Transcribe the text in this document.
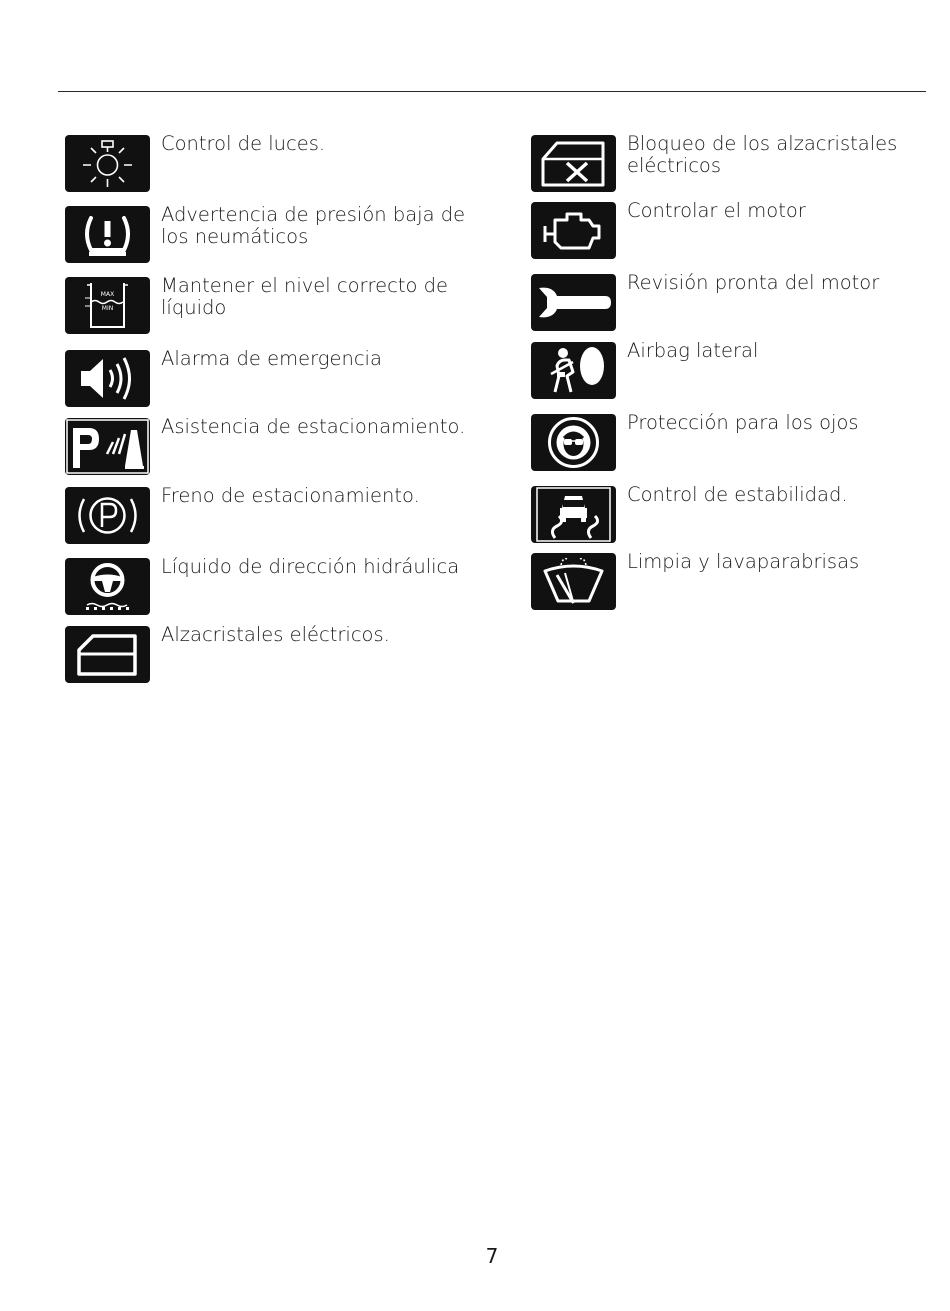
Control de luces.
Advertencia de presión baja de los neumáticos
MAX
MIN
Mantener el nivel correcto de líquido
Alarma de emergencia
Asistencia de estacionamiento.
Freno de estacionamiento.
Líquido de dirección hidráulica
Alzacristales eléctricos.
Bloqueo de los alzacristales eléctricos
Controlar el motor
Revisión pronta del motor
Airbag lateral
Protección para los ojos
Control de estabilidad.
Limpia y lavaparabrisas
7
